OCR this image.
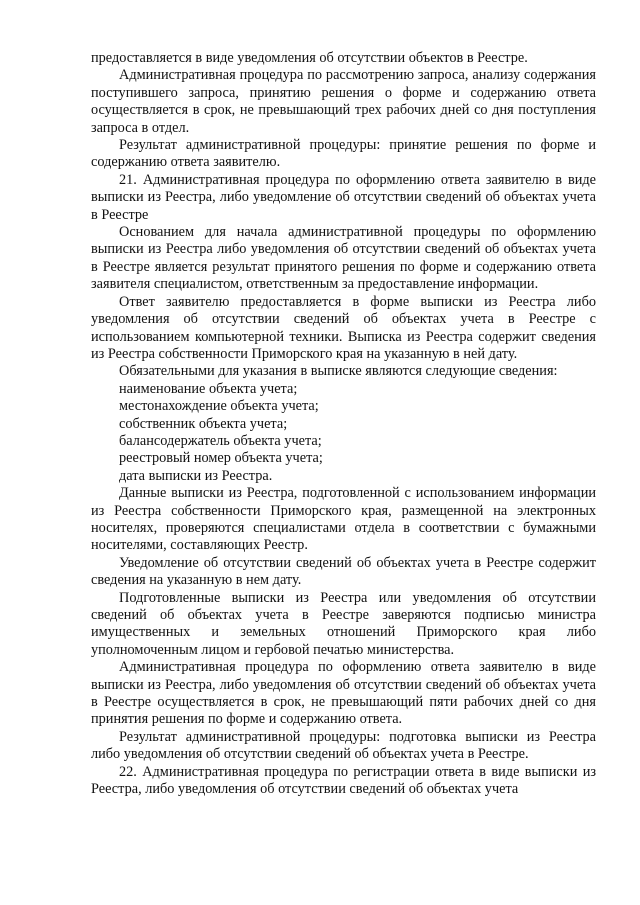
предоставляется в виде уведомления об отсутствии объектов в Реестре.

Административная процедура по рассмотрению запроса, анализу содержания поступившего запроса, принятию решения о форме и содержанию ответа осуществляется в срок, не превышающий трех рабочих дней со дня поступления запроса в отдел.

Результат административной процедуры: принятие решения по форме и содержанию ответа заявителю.

21. Административная процедура по оформлению ответа заявителю в виде выписки из Реестра, либо уведомление об отсутствии сведений об объектах учета в Реестре

Основанием для начала административной процедуры по оформлению выписки из Реестра либо уведомления об отсутствии сведений об объектах учета в Реестре является результат принятого решения по форме и содержанию ответа заявителя специалистом, ответственным за предоставление информации.

Ответ заявителю предоставляется в форме выписки из Реестра либо уведомления об отсутствии сведений об объектах учета в Реестре с использованием компьютерной техники. Выписка из Реестра содержит сведения из Реестра собственности Приморского края на указанную в ней дату.

Обязательными для указания в выписке являются следующие сведения:

наименование объекта учета;

местонахождение объекта учета;

собственник объекта учета;

балансодержатель объекта учета;

реестровый номер объекта учета;

дата выписки из Реестра.

Данные выписки из Реестра, подготовленной с использованием информации из Реестра собственности Приморского края, размещенной на электронных носителях, проверяются специалистами отдела в соответствии с бумажными носителями, составляющих Реестр.

Уведомление об отсутствии сведений об объектах учета в Реестре содержит сведения на указанную в нем дату.

Подготовленные выписки из Реестра или уведомления об отсутствии сведений об объектах учета в Реестре заверяются подписью министра имущественных и земельных отношений Приморского края либо уполномоченным лицом и гербовой печатью министерства.

Административная процедура по оформлению ответа заявителю в виде выписки из Реестра, либо уведомления об отсутствии сведений об объектах учета в Реестре осуществляется в срок, не превышающий пяти рабочих дней со дня принятия решения по форме и содержанию ответа.

Результат административной процедуры: подготовка выписки из Реестра либо уведомления об отсутствии сведений об объектах учета в Реестре.

22. Административная процедура по регистрации ответа в виде выписки из Реестра, либо уведомления об отсутствии сведений об объектах учета
